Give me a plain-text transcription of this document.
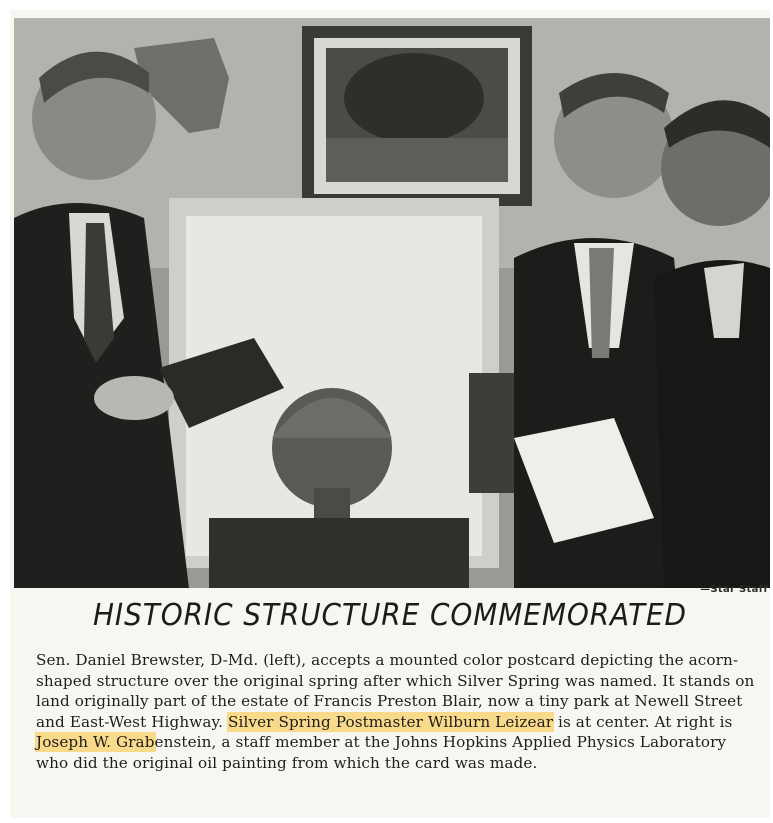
—Star Staff
HISTORIC STRUCTURE COMMEMORATED
Sen. Daniel Brewster, D-Md. (left), accepts a mounted color postcard depicting the acorn-shaped structure over the original spring after which Silver Spring was named. It stands on land originally part of the estate of Francis Preston Blair, now a tiny park at Newell Street and East-West Highway. Silver Spring Postmaster Wilburn Leizear is at center. At right is Joseph W. Grabenstein, a staff member at the Johns Hopkins Applied Physics Laboratory who did the original oil painting from which the card was made.
